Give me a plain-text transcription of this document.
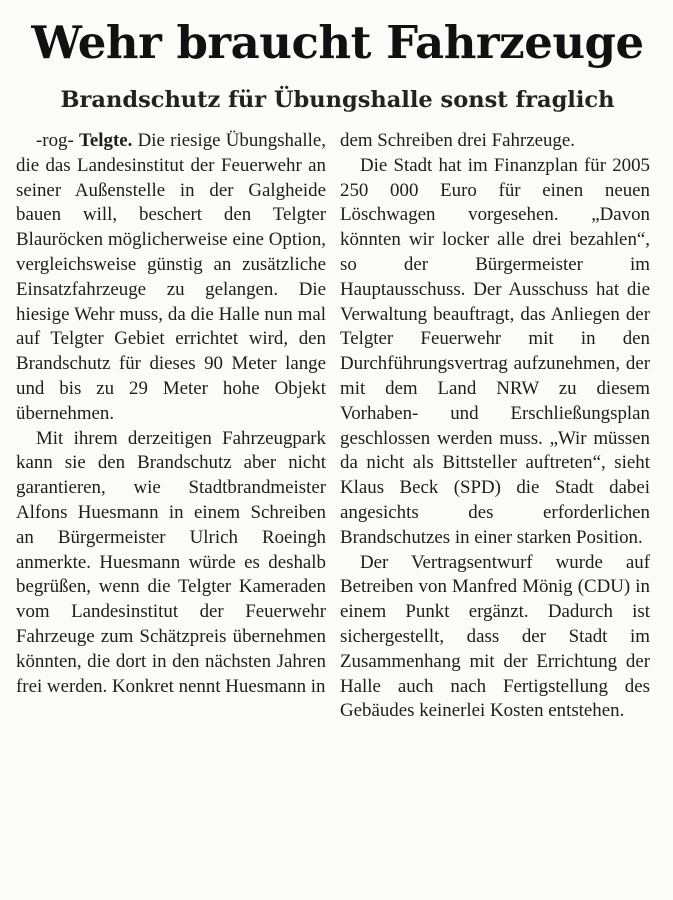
Wehr braucht Fahrzeuge
Brandschutz für Übungshalle sonst fraglich

-rog- Telgte. Die riesige Übungshalle, die das Landesinstitut der Feuerwehr an seiner Außenstelle in der Galgheide bauen will, beschert den Telgter Blauröcken möglicherweise eine Option, vergleichsweise günstig an zusätzliche Einsatzfahrzeuge zu gelangen. Die hiesige Wehr muss, da die Halle nun mal auf Telgter Gebiet errichtet wird, den Brandschutz für dieses 90 Meter lange und bis zu 29 Meter hohe Objekt übernehmen.

Mit ihrem derzeitigen Fahrzeugpark kann sie den Brandschutz aber nicht garantieren, wie Stadtbrandmeister Alfons Huesmann in einem Schreiben an Bürgermeister Ulrich Roeingh anmerkte. Huesmann würde es deshalb begrüßen, wenn die Telgter Kameraden vom Landesinstitut der Feuerwehr Fahrzeuge zum Schätzpreis übernehmen könnten, die dort in den nächsten Jahren frei werden. Konkret nennt Huesmann in

dem Schreiben drei Fahrzeuge.

Die Stadt hat im Finanzplan für 2005 250 000 Euro für einen neuen Löschwagen vorgesehen. „Davon könnten wir locker alle drei bezahlen“, so der Bürgermeister im Hauptausschuss. Der Ausschuss hat die Verwaltung beauftragt, das Anliegen der Telgter Feuerwehr mit in den Durchführungsvertrag aufzunehmen, der mit dem Land NRW zu diesem Vorhaben- und Erschließungsplan geschlossen werden muss. „Wir müssen da nicht als Bittsteller auftreten“, sieht Klaus Beck (SPD) die Stadt dabei angesichts des erforderlichen Brandschutzes in einer starken Position.

Der Vertragsentwurf wurde auf Betreiben von Manfred Mönig (CDU) in einem Punkt ergänzt. Dadurch ist sichergestellt, dass der Stadt im Zusammenhang mit der Errichtung der Halle auch nach Fertigstellung des Gebäudes keinerlei Kosten entstehen.
